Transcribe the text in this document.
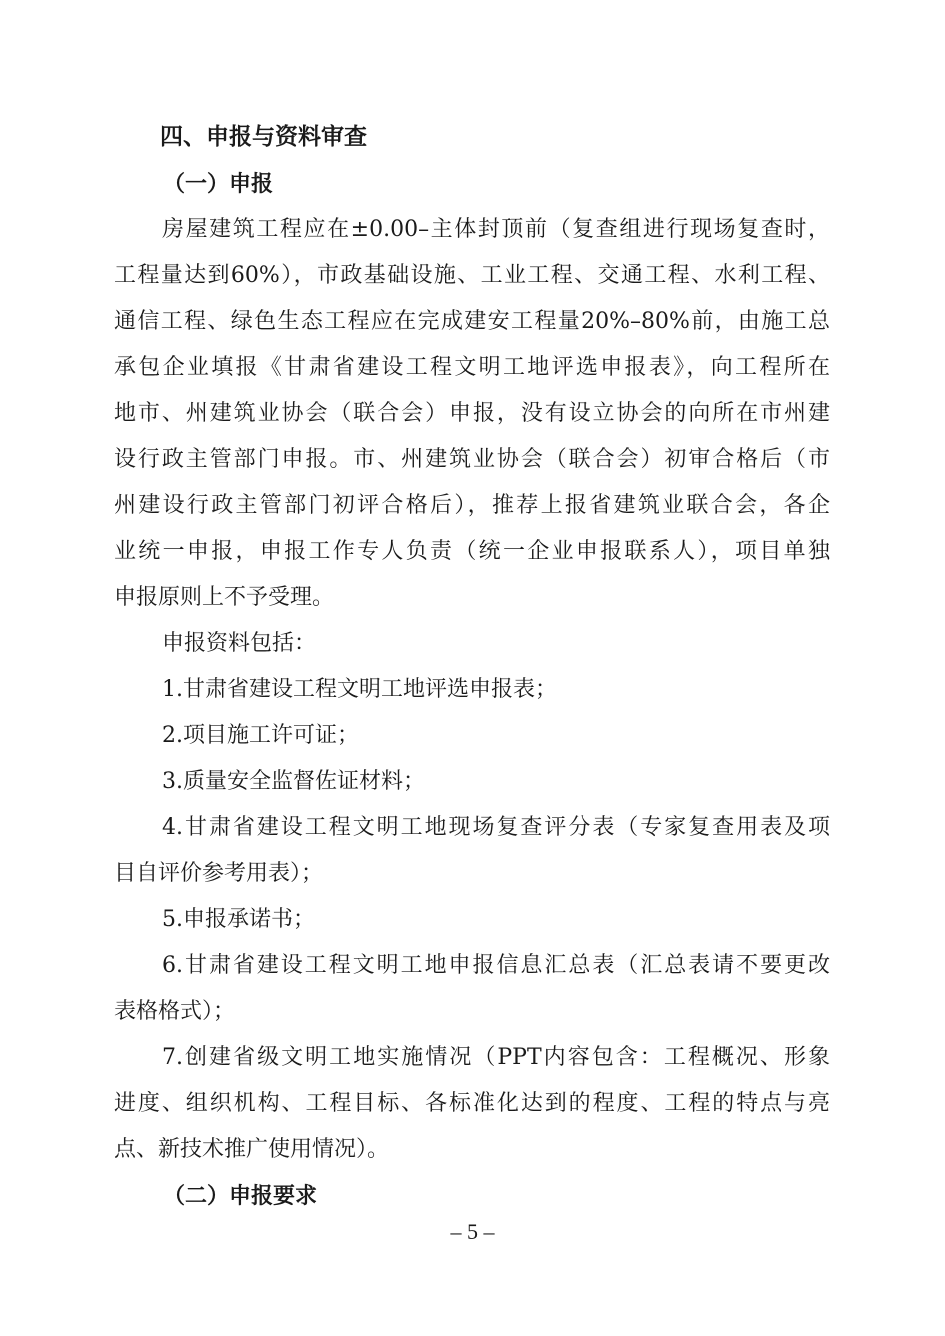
四、申报与资料审查
（一）申报
房屋建筑工程应在±0.00–主体封顶前（复查组进行现场复查时，
工程量达到60%），市政基础设施、工业工程、交通工程、水利工程、
通信工程、绿色生态工程应在完成建安工程量20%–80%前，由施工总
承包企业填报《甘肃省建设工程文明工地评选申报表》，向工程所在
地市、州建筑业协会（联合会）申报，没有设立协会的向所在市州建
设行政主管部门申报。市、州建筑业协会（联合会）初审合格后（市
州建设行政主管部门初评合格后），推荐上报省建筑业联合会，各企
业统一申报，申报工作专人负责（统一企业申报联系人），项目单独
申报原则上不予受理。
申报资料包括：
1.甘肃省建设工程文明工地评选申报表；
2.项目施工许可证；
3.质量安全监督佐证材料；
4.甘肃省建设工程文明工地现场复查评分表（专家复查用表及项
目自评价参考用表）；
5.申报承诺书；
6.甘肃省建设工程文明工地申报信息汇总表（汇总表请不要更改
表格格式）；
7.创建省级文明工地实施情况（PPT内容包含：工程概况、形象
进度、组织机构、工程目标、各标准化达到的程度、工程的特点与亮
点、新技术推广使用情况）。
（二）申报要求
– 5 –
